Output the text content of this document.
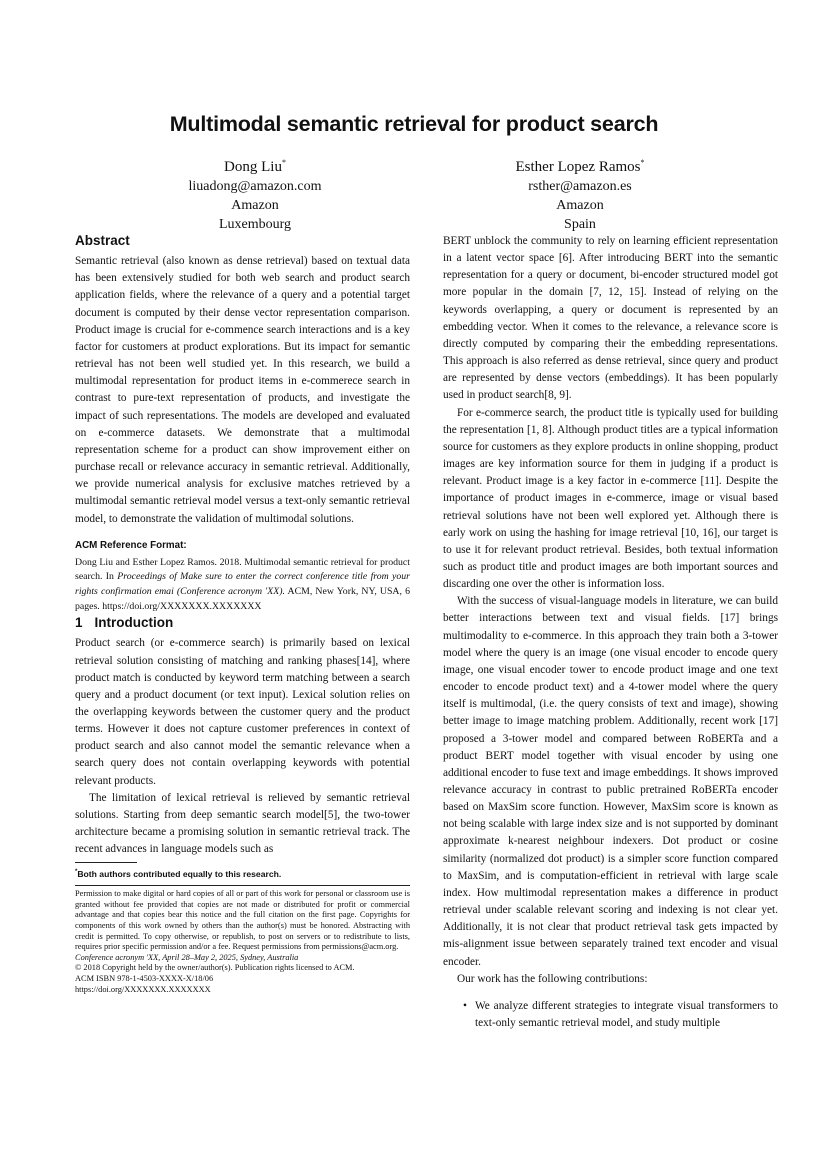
Multimodal semantic retrieval for product search
Dong Liu*
liuadong@amazon.com
Amazon
Luxembourg
Esther Lopez Ramos*
rsther@amazon.es
Amazon
Spain
Abstract

Semantic retrieval (also known as dense retrieval) based on textual data has been extensively studied for both web search and product search application fields, where the relevance of a query and a potential target document is computed by their dense vector representation comparison. Product image is crucial for e-commence search interactions and is a key factor for customers at product explorations. But its impact for semantic retrieval has not been well studied yet. In this research, we build a multimodal representation for product items in e-commerece search in contrast to pure-text representation of products, and investigate the impact of such representations. The models are developed and evaluated on e-commerce datasets. We demonstrate that a multimodal representation scheme for a product can show improvement either on purchase recall or relevance accuracy in semantic retrieval. Additionally, we provide numerical analysis for exclusive matches retrieved by a multimodal semantic retrieval model versus a text-only semantic retrieval model, to demonstrate the validation of multimodal solutions.

ACM Reference Format:

Dong Liu and Esther Lopez Ramos. 2018. Multimodal semantic retrieval for product search. In Proceedings of Make sure to enter the correct conference title from your rights confirmation emai (Conference acronym 'XX). ACM, New York, NY, USA, 6 pages. https://doi.org/XXXXXXX.XXXXXXX

1 Introduction

Product search (or e-commerce search) is primarily based on lexical retrieval solution consisting of matching and ranking phases[14], where product match is conducted by keyword term matching between a search query and a product document (or text input). Lexical solution relies on the overlapping keywords between the customer query and the product terms. However it does not capture customer preferences in context of product search and also cannot model the semantic relevance when a search query does not contain overlapping keywords with potential relevant products.

The limitation of lexical retrieval is relieved by semantic retrieval solutions. Starting from deep semantic search model[5], the two-tower architecture became a promising solution in semantic retrieval track. The recent advances in language models such as

*Both authors contributed equally to this research.
Permission to make digital or hard copies of all or part of this work for personal or classroom use is granted without fee provided that copies are not made or distributed for profit or commercial advantage and that copies bear this notice and the full citation on the first page. Copyrights for components of this work owned by others than the author(s) must be honored. Abstracting with credit is permitted. To copy otherwise, or republish, to post on servers or to redistribute to lists, requires prior specific permission and/or a fee. Request permissions from permissions@acm.org.
Conference acronym 'XX, April 28–May 2, 2025, Sydney, Australia
© 2018 Copyright held by the owner/author(s). Publication rights licensed to ACM.
ACM ISBN 978-1-4503-XXXX-X/18/06
https://doi.org/XXXXXXX.XXXXXXX

BERT unblock the community to rely on learning efficient representation in a latent vector space [6]. After introducing BERT into the semantic representation for a query or document, bi-encoder structured model got more popular in the domain [7, 12, 15]. Instead of relying on the keywords overlapping, a query or document is represented by an embedding vector. When it comes to the relevance, a relevance score is directly computed by comparing their the embedding representations. This approach is also referred as dense retrieval, since query and product are represented by dense vectors (embeddings). It has been popularly used in product search[8, 9].

For e-commerce search, the product title is typically used for building the representation [1, 8]. Although product titles are a typical information source for customers as they explore products in online shopping, product images are key information source for them in judging if a product is relevant. Product image is a key factor in e-commerce [11]. Despite the importance of product images in e-commerce, image or visual based retrieval solutions have not been well explored yet. Although there is early work on using the hashing for image retrieval [10, 16], our target is to use it for relevant product retrieval. Besides, both textual information such as product title and product images are both important sources and discarding one over the other is information loss.

With the success of visual-language models in literature, we can build better interactions between text and visual fields. [17] brings multimodality to e-commerce. In this approach they train both a 3-tower model where the query is an image (one visual encoder to encode query image, one visual encoder tower to encode product image and one text encoder to encode product text) and a 4-tower model where the query itself is multimodal, (i.e. the query consists of text and image), showing better image to image matching problem. Additionally, recent work [17] proposed a 3-tower model and compared between RoBERTa and a product BERT model together with visual encoder by using one additional encoder to fuse text and image embeddings. It shows improved relevance accuracy in contrast to public pretrained RoBERTa encoder based on MaxSim score function. However, MaxSim score is known as not being scalable with large index size and is not supported by dominant approximate k-nearest neighbour indexers. Dot product or cosine similarity (normalized dot product) is a simpler score function compared to MaxSim, and is computation-efficient in retrieval with large scale index. How multimodal representation makes a difference in product retrieval under scalable relevant scoring and indexing is not clear yet. Additionally, it is not clear that product retrieval task gets impacted by mis-alignment issue between separately trained text encoder and visual encoder.

Our work has the following contributions:

• We analyze different strategies to integrate visual transformers to text-only semantic retrieval model, and study multiple
